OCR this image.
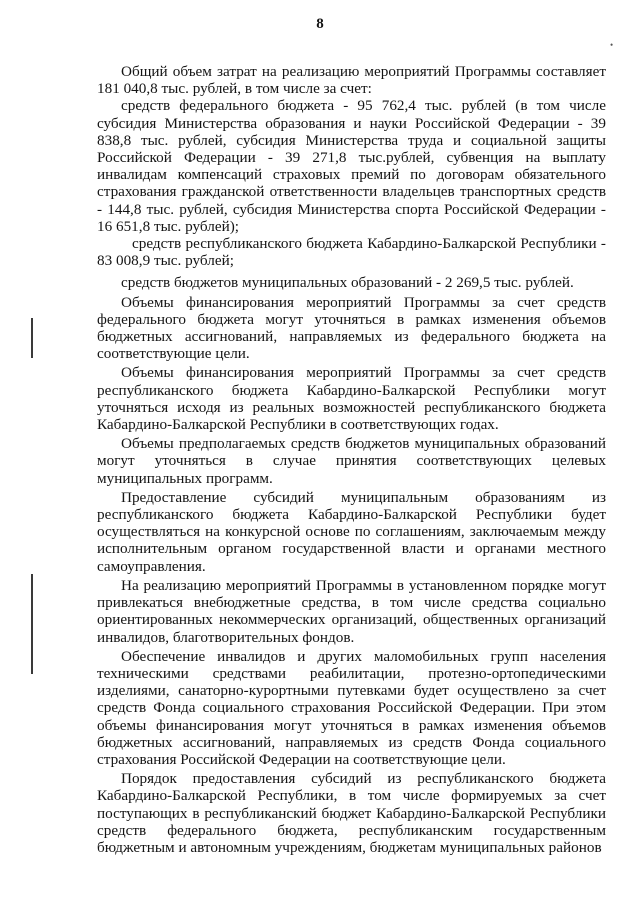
8
•

Общий объем затрат на реализацию мероприятий Программы составляет 181 040,8 тыс. рублей, в том числе за счет:

средств федерального бюджета - 95 762,4 тыс. рублей (в том числе субсидия Министерства образования и науки Российской Федерации - 39 838,8 тыс. рублей, субсидия Министерства труда и социальной защиты Российской Федерации - 39 271,8 тыс.рублей, субвенция на выплату инвалидам компенсаций страховых премий по договорам обязательного страхования гражданской ответственности владельцев транспортных средств - 144,8 тыс. рублей, субсидия Министерства спорта Российской Федерации - 16 651,8 тыс. рублей);

средств республиканского бюджета Кабардино-Балкарской Республики - 83 008,9 тыс. рублей;

средств бюджетов муниципальных образований - 2 269,5 тыс. рублей.

Объемы финансирования мероприятий Программы за счет средств федерального бюджета могут уточняться в рамках изменения объемов бюджетных ассигнований, направляемых из федерального бюджета на соответствующие цели.

Объемы финансирования мероприятий Программы за счет средств республиканского бюджета Кабардино-Балкарской Республики могут уточняться исходя из реальных возможностей республиканского бюджета Кабардино-Балкарской Республики в соответствующих годах.

Объемы предполагаемых средств бюджетов муниципальных образований могут уточняться в случае принятия соответствующих целевых муниципальных программ.

Предоставление субсидий муниципальным образованиям из республиканского бюджета Кабардино-Балкарской Республики будет осуществляться на конкурсной основе по соглашениям, заключаемым между исполнительным органом государственной власти и органами местного самоуправления.

На реализацию мероприятий Программы в установленном порядке могут привлекаться внебюджетные средства, в том числе средства социально ориентированных некоммерческих организаций, общественных организаций инвалидов, благотворительных фондов.

Обеспечение инвалидов и других маломобильных групп населения техническими средствами реабилитации, протезно-ортопедическими изделиями, санаторно-курортными путевками будет осуществлено за счет средств Фонда социального страхования Российской Федерации. При этом объемы финансирования могут уточняться в рамках изменения объемов бюджетных ассигнований, направляемых из средств Фонда социального страхования Российской Федерации на соответствующие цели.

Порядок предоставления субсидий из республиканского бюджета Кабардино-Балкарской Республики, в том числе формируемых за счет поступающих в республиканский бюджет Кабардино-Балкарской Республики средств федерального бюджета, республиканским государственным бюджетным и автономным учреждениям, бюджетам муниципальных районов
